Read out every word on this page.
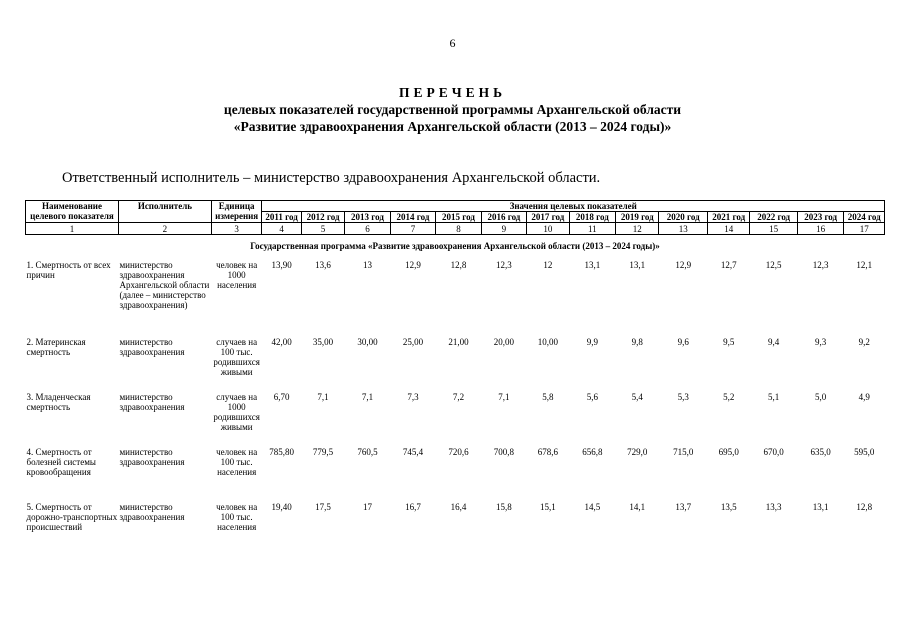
6
ПЕРЕЧЕНЬ
целевых показателей государственной программы Архангельской области
«Развитие здравоохранения Архангельской области (2013 – 2024 годы)»
Ответственный исполнитель – министерство здравоохранения Архангельской области.
Наименование целевого показателя	Исполнитель	Единица измерения	Значения целевых показателей													
			2011 год	2012 год	2013 год	2014 год	2015 год	2016 год	2017 год	2018 год	2019 год	2020 год	2021 год	2022 год	2023 год	2024 год
1	2	3	4	5	6	7	8	9	10	11	12	13	14	15	16	17
Государственная программа «Развитие здравоохранения Архангельской области (2013 – 2024 годы)»																
1. Смертность от всех причин	министерство здравоохранения Архангельской области (далее – министерство здравоохранения)	человек на 1000 населения	13,90	13,6	13	12,9	12,8	12,3	12	13,1	13,1	12,9	12,7	12,5	12,3	12,1
2. Материнская смертность	министерство здравоохранения	случаев на 100 тыс. родившихся живыми	42,00	35,00	30,00	25,00	21,00	20,00	10,00	9,9	9,8	9,6	9,5	9,4	9,3	9,2
3. Младенческая смертность	министерство здравоохранения	случаев на 1000 родившихся живыми	6,70	7,1	7,1	7,3	7,2	7,1	5,8	5,6	5,4	5,3	5,2	5,1	5,0	4,9
4. Смертность от болезней системы кровообращения	министерство здравоохранения	человек на 100 тыс. населения	785,80	779,5	760,5	745,4	720,6	700,8	678,6	656,8	729,0	715,0	695,0	670,0	635,0	595,0
5. Смертность от дорожно-транспортных происшествий	министерство здравоохранения	человек на 100 тыс. населения	19,40	17,5	17	16,7	16,4	15,8	15,1	14,5	14,1	13,7	13,5	13,3	13,1	12,8
